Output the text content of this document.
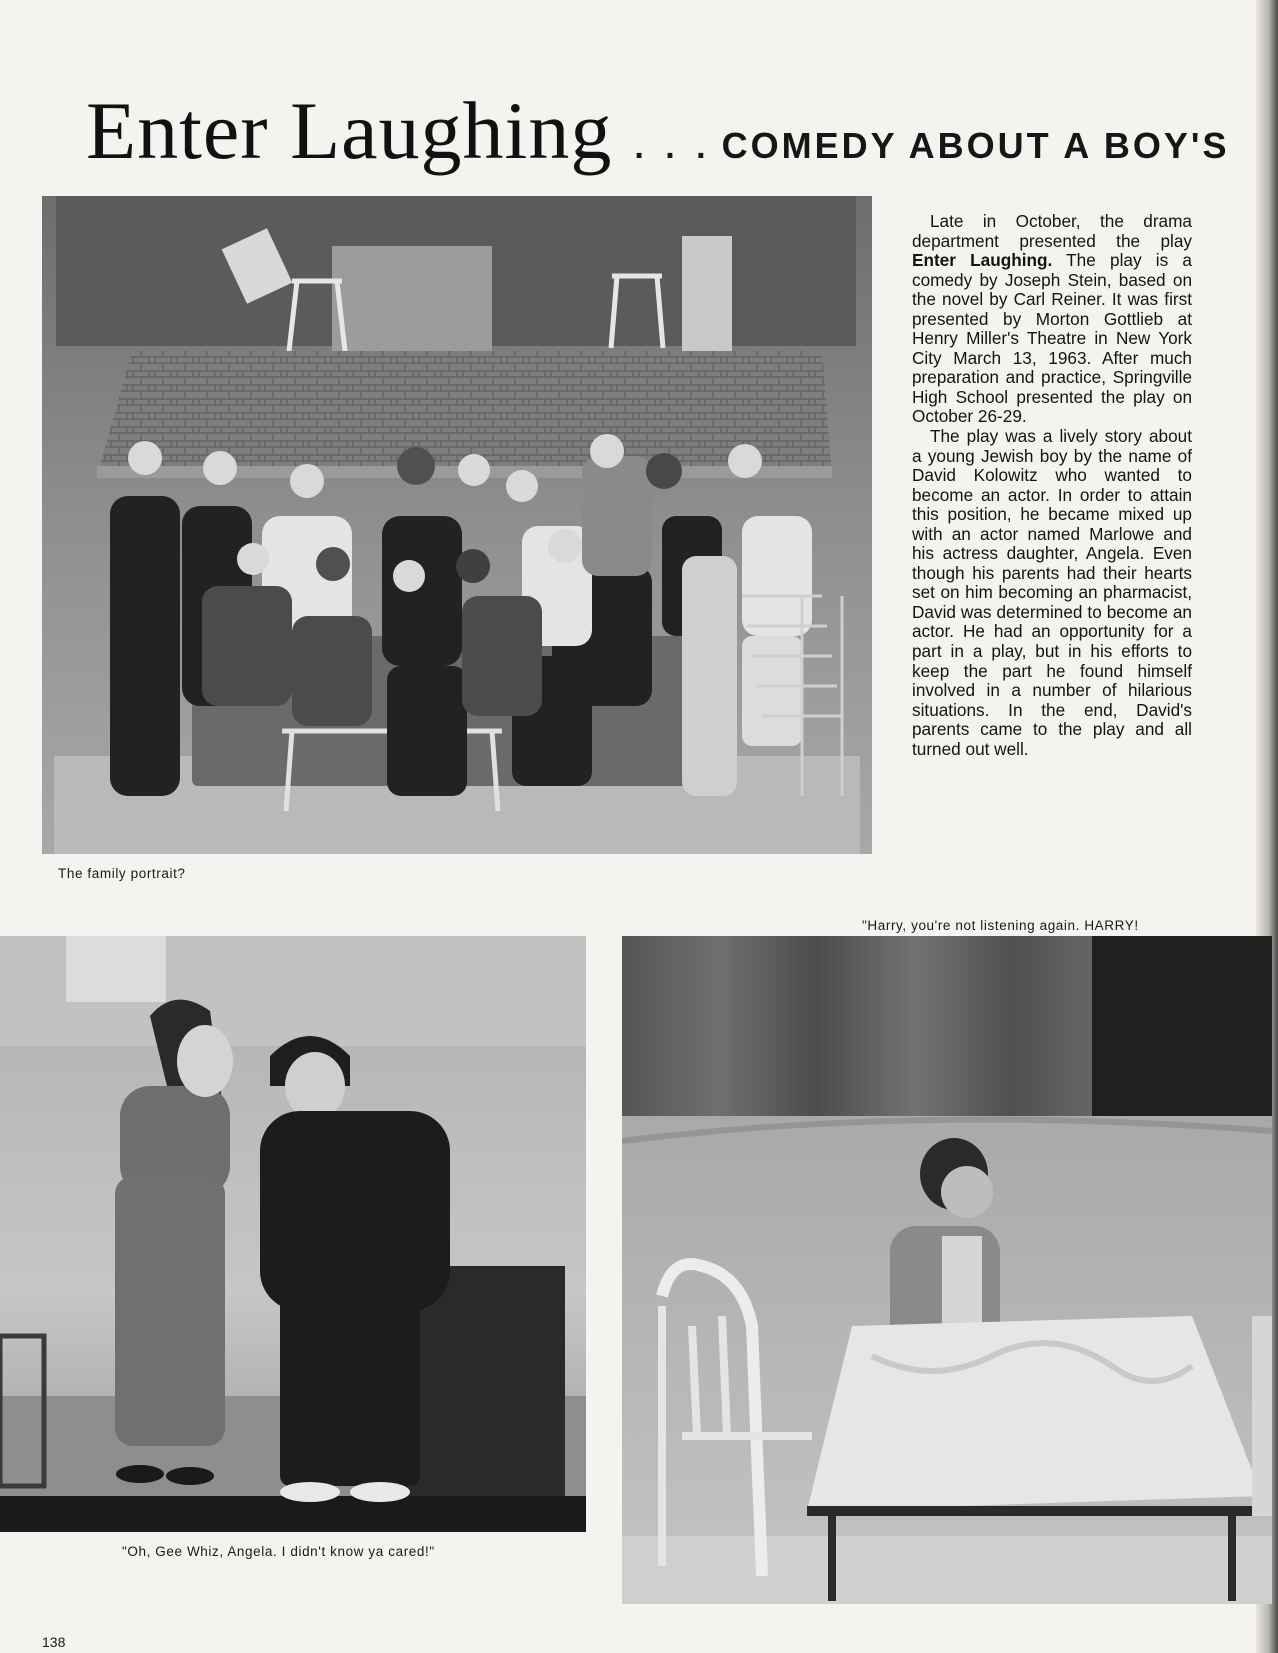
Enter Laughing . . . COMEDY ABOUT A BOY'S

Late in October, the drama department presented the play Enter Laughing. The play is a comedy by Joseph Stein, based on the novel by Carl Reiner. It was first presented by Morton Gottlieb at Henry Miller's Theatre in New York City March 13, 1963. After much preparation and practice, Springville High School presented the play on October 26-29.

The play was a lively story about a young Jewish boy by the name of David Kolowitz who wanted to become an actor. In order to attain this position, he became mixed up with an actor named Marlowe and his actress daughter, Angela. Even though his parents had their hearts set on him becoming an pharmacist, David was determined to become an actor. He had an opportunity for a part in a play, but in his efforts to keep the part he found himself involved in a number of hilarious situations. In the end, David's parents came to the play and all turned out well.

The family portrait?
"Harry, you're not listening again. HARRY!
"Oh, Gee Whiz, Angela. I didn't know ya cared!"
138
